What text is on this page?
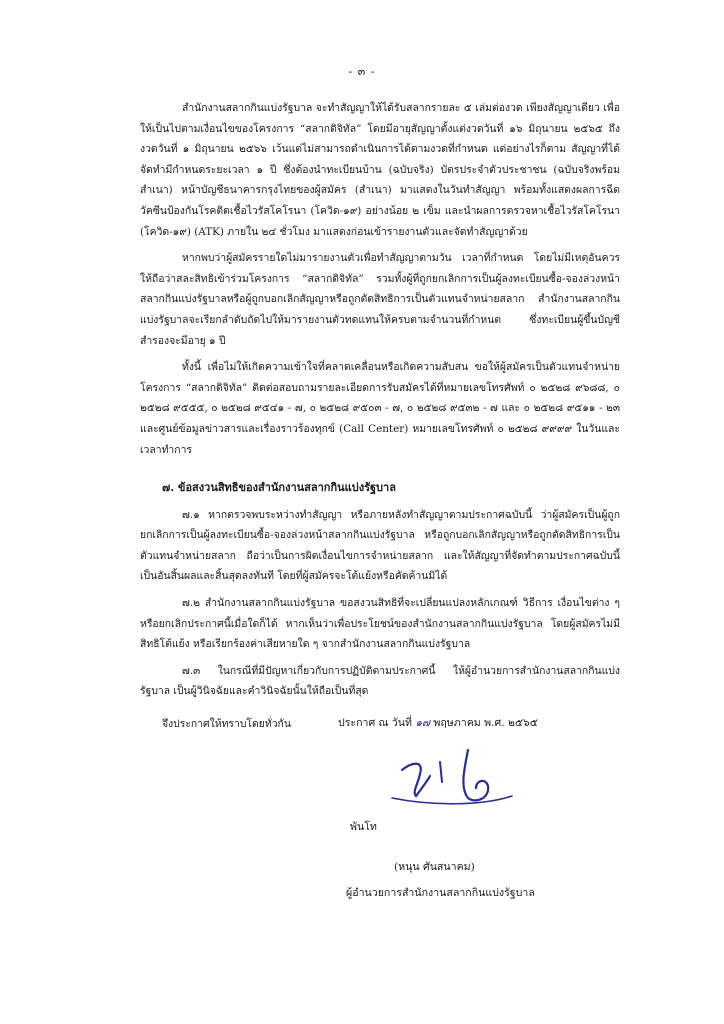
- ๓ -

สำนักงานสลากกินแบ่งรัฐบาล จะทำสัญญาให้ได้รับสลากรายละ ๕ เล่มต่องวด เพียงสัญญาเดียว เพื่อให้เป็นไปตามเงื่อนไขของโครงการ “สลากดิจิทัล” โดยมีอายุสัญญาตั้งแต่งวดวันที่ ๑๖ มิถุนายน ๒๕๖๕ ถึงงวดวันที่ ๑ มิถุนายน ๒๕๖๖ เว้นแต่ไม่สามารถดำเนินการได้ตามงวดที่กำหนด แต่อย่างไรก็ตาม สัญญาที่ได้จัดทำมีกำหนดระยะเวลา ๑ ปี ซึ่งต้องนำทะเบียนบ้าน (ฉบับจริง) บัตรประจำตัวประชาชน (ฉบับจริงพร้อมสำเนา) หน้าบัญชีธนาคารกรุงไทยของผู้สมัคร (สำเนา) มาแสดงในวันทำสัญญา พร้อมทั้งแสดงผลการฉีดวัคซีนป้องกันโรคติดเชื้อไวรัสโคโรนา (โควิด-๑๙) อย่างน้อย ๒ เข็ม และนำผลการตรวจหาเชื้อไวรัสโคโรนา (โควิด-๑๙) (ATK) ภายใน ๒๔ ชั่วโมง มาแสดงก่อนเข้ารายงานตัวและจัดทำสัญญาด้วย

หากพบว่าผู้สมัครรายใดไม่มารายงานตัวเพื่อทำสัญญาตามวัน เวลาที่กำหนด โดยไม่มีเหตุอันควร ให้ถือว่าสละสิทธิเข้าร่วมโครงการ “สลากดิจิทัล” รวมทั้งผู้ที่ถูกยกเลิกการเป็นผู้ลงทะเบียนซื้อ-จองล่วงหน้าสลากกินแบ่งรัฐบาลหรือผู้ถูกบอกเลิกสัญญาหรือถูกตัดสิทธิการเป็นตัวแทนจำหน่ายสลาก สำนักงานสลากกินแบ่งรัฐบาลจะเรียกลำดับถัดไปให้มารายงานตัวทดแทนให้ครบตามจำนวนที่กำหนด ซึ่งทะเบียนผู้ขึ้นบัญชีสำรองจะมีอายุ ๑ ปี

ทั้งนี้ เพื่อไม่ให้เกิดความเข้าใจที่คลาดเคลื่อนหรือเกิดความสับสน ขอให้ผู้สมัครเป็นตัวแทนจำหน่ายโครงการ “สลากดิจิทัล” ติดต่อสอบถามรายละเอียดการรับสมัครได้ที่หมายเลขโทรศัพท์ ๐ ๒๕๒๘ ๙๖๘๘, ๐ ๒๕๒๘ ๙๕๕๕, ๐ ๒๕๒๘ ๙๕๔๑ - ๗, ๐ ๒๕๒๘ ๙๕๐๓ - ๗, ๐ ๒๕๒๘ ๙๕๓๒ - ๗ และ ๐ ๒๕๒๘ ๙๕๑๑ - ๒๓ และศูนย์ข้อมูลข่าวสารและเรื่องราวร้องทุกข์ (Call Center) หมายเลขโทรศัพท์ ๐ ๒๕๒๘ ๙๙๙๙ ในวันและเวลาทำการ

๗. ข้อสงวนสิทธิของสำนักงานสลากกินแบ่งรัฐบาล

๗.๑ หากตรวจพบระหว่างทำสัญญา หรือภายหลังทำสัญญาตามประกาศฉบับนี้ ว่าผู้สมัครเป็นผู้ถูกยกเลิกการเป็นผู้ลงทะเบียนซื้อ-จองล่วงหน้าสลากกินแบ่งรัฐบาล หรือถูกบอกเลิกสัญญาหรือถูกตัดสิทธิการเป็นตัวแทนจำหน่ายสลาก ถือว่าเป็นการผิดเงื่อนไขการจำหน่ายสลาก และให้สัญญาที่จัดทำตามประกาศฉบับนี้เป็นอันสิ้นผลและสิ้นสุดลงทันที โดยที่ผู้สมัครจะโต้แย้งหรือคัดค้านมิได้

๗.๒ สำนักงานสลากกินแบ่งรัฐบาล ขอสงวนสิทธิที่จะเปลี่ยนแปลงหลักเกณฑ์ วิธีการ เงื่อนไขต่าง ๆ หรือยกเลิกประกาศนี้เมื่อใดก็ได้ หากเห็นว่าเพื่อประโยชน์ของสำนักงานสลากกินแบ่งรัฐบาล โดยผู้สมัครไม่มีสิทธิโต้แย้ง หรือเรียกร้องค่าเสียหายใด ๆ จากสำนักงานสลากกินแบ่งรัฐบาล

๗.๓ ในกรณีที่มีปัญหาเกี่ยวกับการปฏิบัติตามประกาศนี้ ให้ผู้อำนวยการสำนักงานสลากกินแบ่งรัฐบาล เป็นผู้วินิจฉัยและคำวินิจฉัยนั้นให้ถือเป็นที่สุด

จึงประกาศให้ทราบโดยทั่วกัน	ประกาศ ณ วันที่ ๑๗ พฤษภาคม พ.ศ. ๒๕๖๕
พันโท
(หนุน ศันสนาคม)
ผู้อำนวยการสำนักงานสลากกินแบ่งรัฐบาล
